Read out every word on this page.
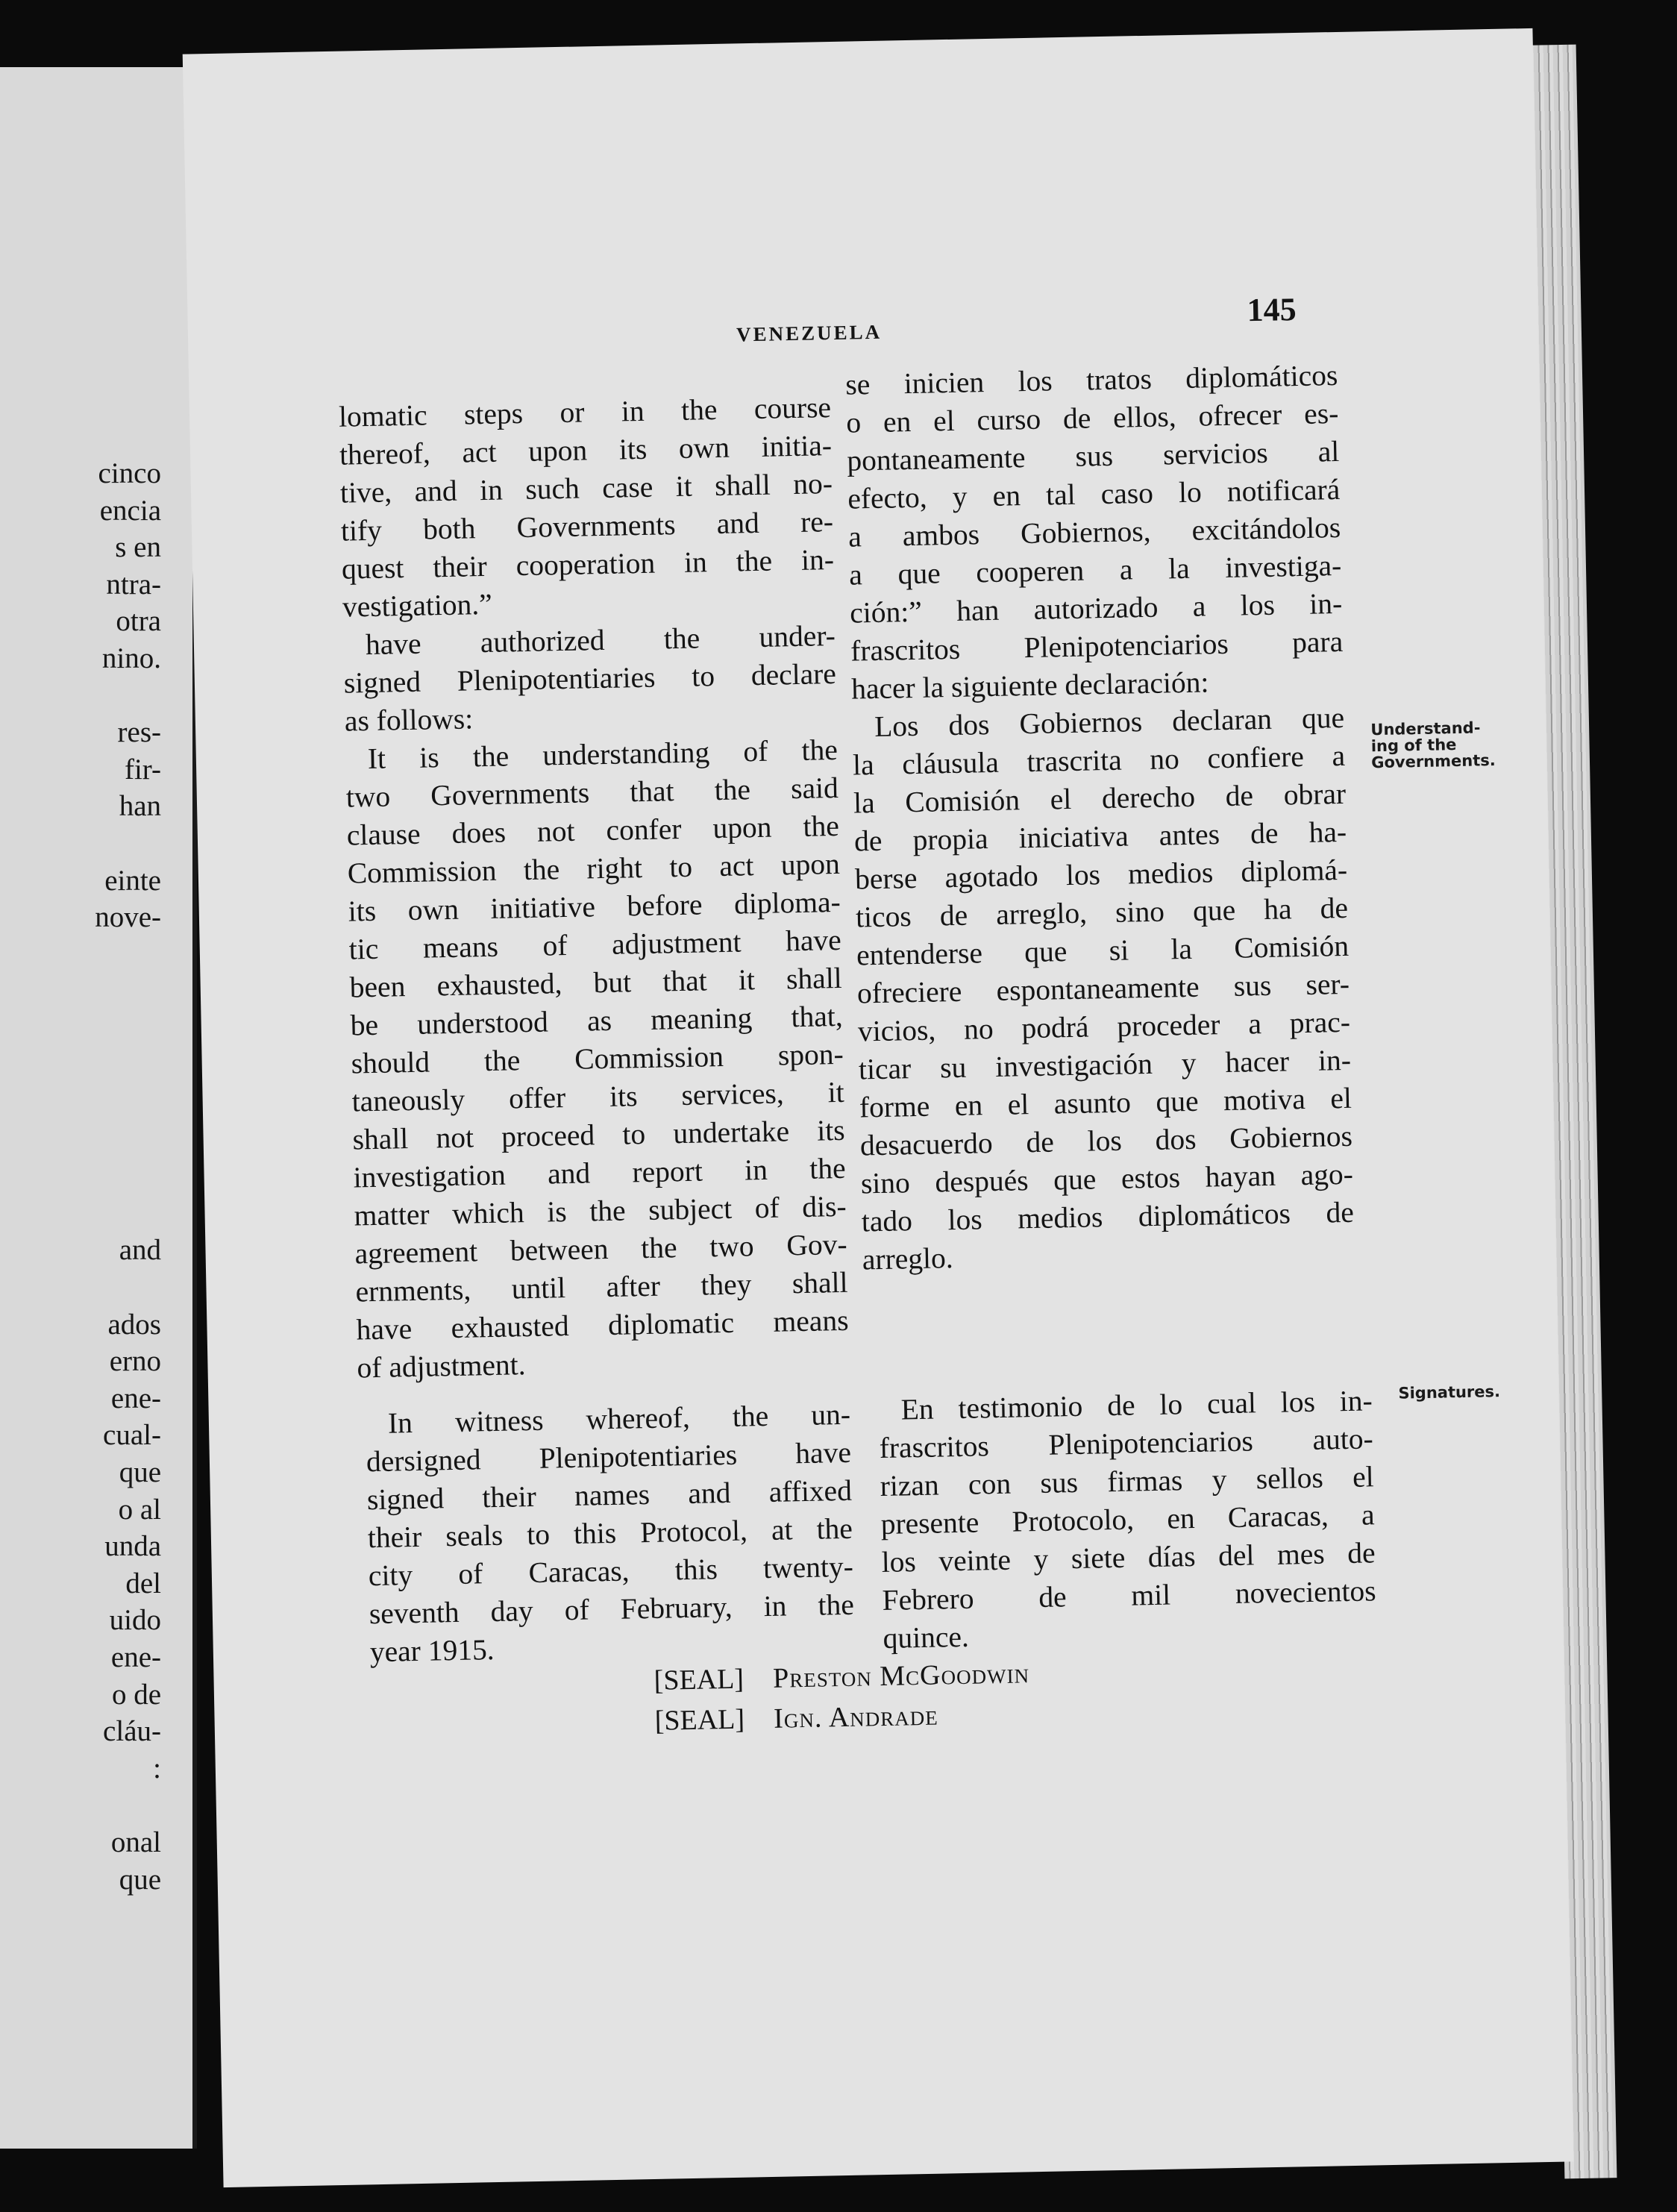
cinco
encia
s en
ntra-
otra
nino.

res-
fir-
han

einte
nove-

and

ados
erno
ene-
cual-
que
o al
unda
del
uido
ene-
o de
cláu-
:

onal
que
VENEZUELA
145
lomatic steps or in the course
thereof, act upon its own initia-
tive, and in such case it shall no-
tify both Governments and re-
quest their cooperation in the in-
vestigation.”
have authorized the under-
signed Plenipotentiaries to declare
as follows:
It is the understanding of the
two Governments that the said
clause does not confer upon the
Commission the right to act upon
its own initiative before diploma-
tic means of adjustment have
been exhausted, but that it shall
be understood as meaning that,
should the Commission spon-
taneously offer its services, it
shall not proceed to undertake its
investigation and report in the
matter which is the subject of dis-
agreement between the two Gov-
ernments, until after they shall
have exhausted diplomatic means
of adjustment.
se inicien los tratos diplomáticos
o en el curso de ellos, ofrecer es-
pontaneamente sus servicios al
efecto, y en tal caso lo notificará
a ambos Gobiernos, excitándolos
a que cooperen a la investiga-
ción:” han autorizado a los in-
frascritos Plenipotenciarios para
hacer la siguiente declaración:
Los dos Gobiernos declaran que
la cláusula trascrita no confiere a
la Comisión el derecho de obrar
de propia iniciativa antes de ha-
berse agotado los medios diplomá-
ticos de arreglo, sino que ha de
entenderse que si la Comisión
ofreciere espontaneamente sus ser-
vicios, no podrá proceder a prac-
ticar su investigación y hacer in-
forme en el asunto que motiva el
desacuerdo de los dos Gobiernos
sino después que estos hayan ago-
tado los medios diplomáticos de
arreglo.
Understand-
ing of the
Governments.
In witness whereof, the un-
dersigned Plenipotentiaries have
signed their names and affixed
their seals to this Protocol, at the
city of Caracas, this twenty-
seventh day of February, in the
year 1915.
En testimonio de lo cual los in-
frascritos Plenipotenciarios auto-
rizan con sus firmas y sellos el
presente Protocolo, en Caracas, a
los veinte y siete días del mes de
Febrero de mil novecientos
quince.
Signatures.
[SEAL] Preston McGoodwin
[SEAL] Ign. Andrade
